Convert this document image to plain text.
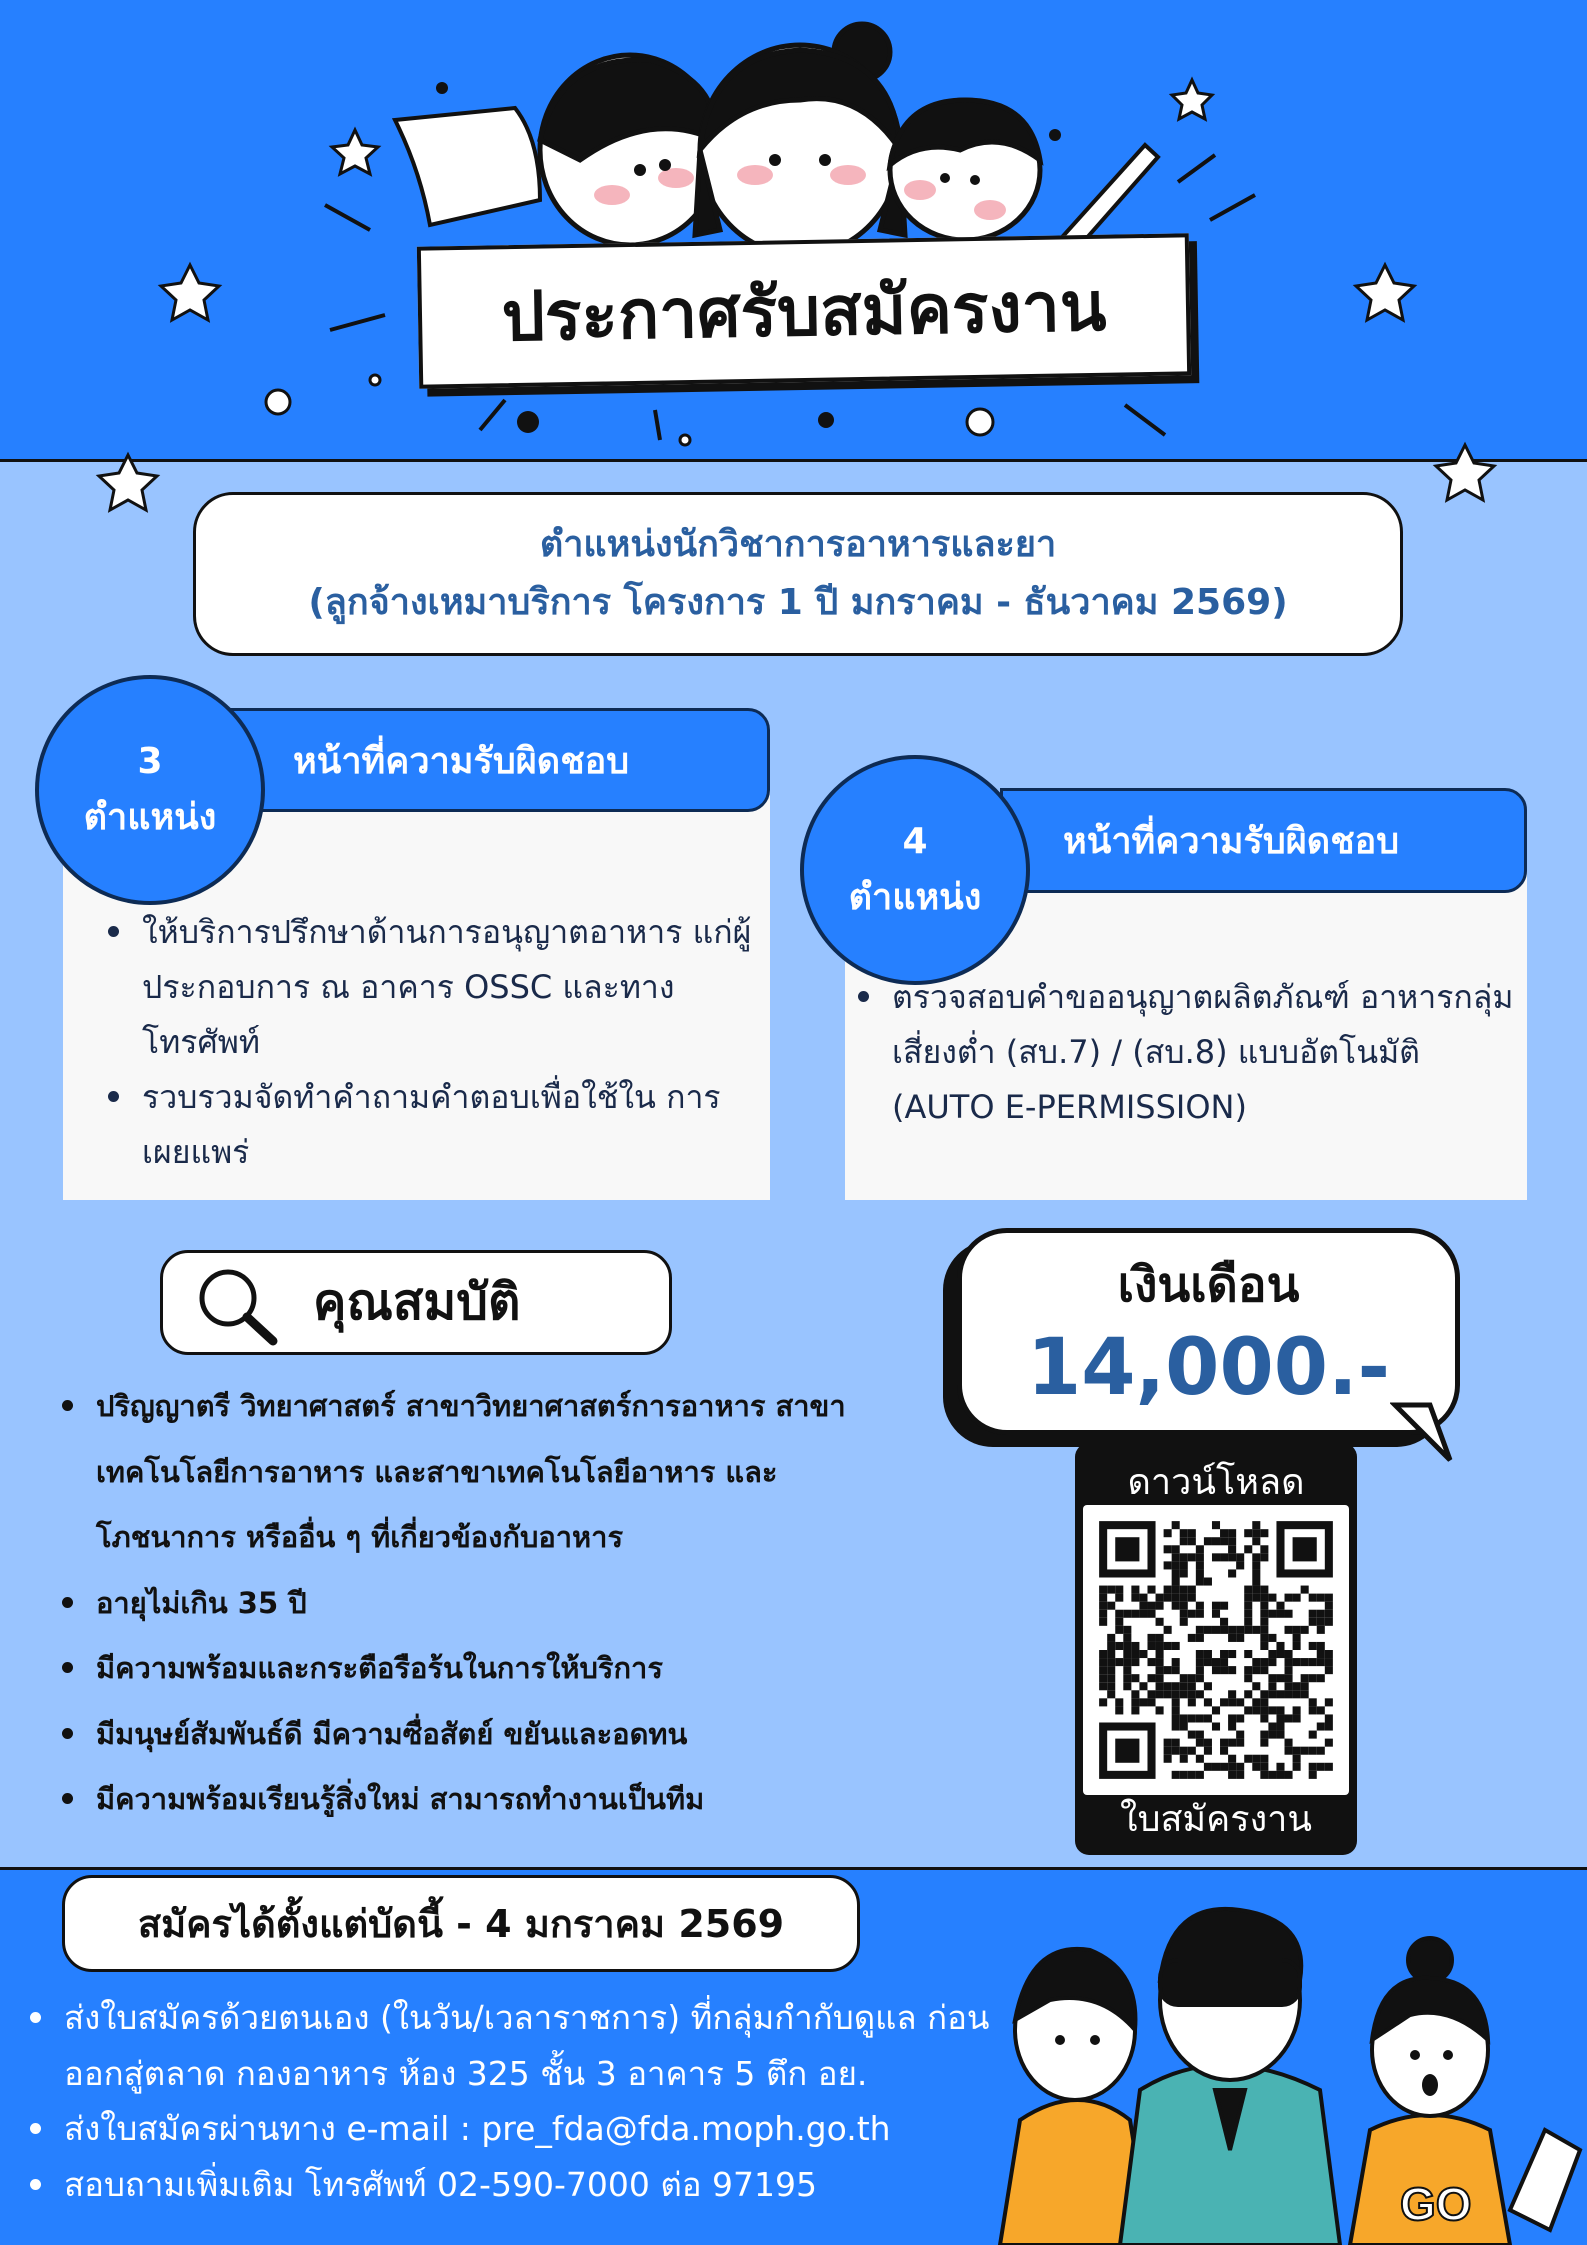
ประกาศรับสมัครงาน
ตำแหน่งนักวิชาการอาหารและยา
(ลูกจ้างเหมาบริการ โครงการ 1 ปี มกราคม - ธันวาคม 2569)
หน้าที่ความรับผิดชอบ
3
ตำแหน่ง
ให้บริการปรึกษาด้านการอนุญาตอาหาร แก่ผู้ประกอบการ ณ อาคาร OSSC และทางโทรศัพท์
รวบรวมจัดทำคำถามคำตอบเพื่อใช้ใน การเผยแพร่
หน้าที่ความรับผิดชอบ
4
ตำแหน่ง
ตรวจสอบคำขออนุญาตผลิตภัณฑ์ อาหารกลุ่มเสี่ยงต่ำ (สบ.7) / (สบ.8) แบบอัตโนมัติ (AUTO E-PERMISSION)
คุณสมบัติ
ปริญญาตรี วิทยาศาสตร์ สาขาวิทยาศาสตร์การอาหาร สาขาเทคโนโลยีการอาหาร และสาขาเทคโนโลยีอาหาร และโภชนาการ หรืออื่น ๆ ที่เกี่ยวข้องกับอาหาร
อายุไม่เกิน 35 ปี
มีความพร้อมและกระตือรือร้นในการให้บริการ
มีมนุษย์สัมพันธ์ดี มีความซื่อสัตย์ ขยันและอดทน
มีความพร้อมเรียนรู้สิ่งใหม่ สามารถทำงานเป็นทีม
เงินเดือน
14,000.-
ดาวน์โหลด
ใบสมัครงาน
สมัครได้ตั้งแต่บัดนี้ - 4 มกราคม 2569
ส่งใบสมัครด้วยตนเอง (ในวัน/เวลาราชการ) ที่กลุ่มกำกับดูแล ก่อนออกสู่ตลาด กองอาหาร ห้อง 325 ชั้น 3 อาคาร 5 ตึก อย.
ส่งใบสมัครผ่านทาง e-mail : pre_fda@fda.moph.go.th
สอบถามเพิ่มเติม โทรศัพท์ 02-590-7000 ต่อ 97195	GO
